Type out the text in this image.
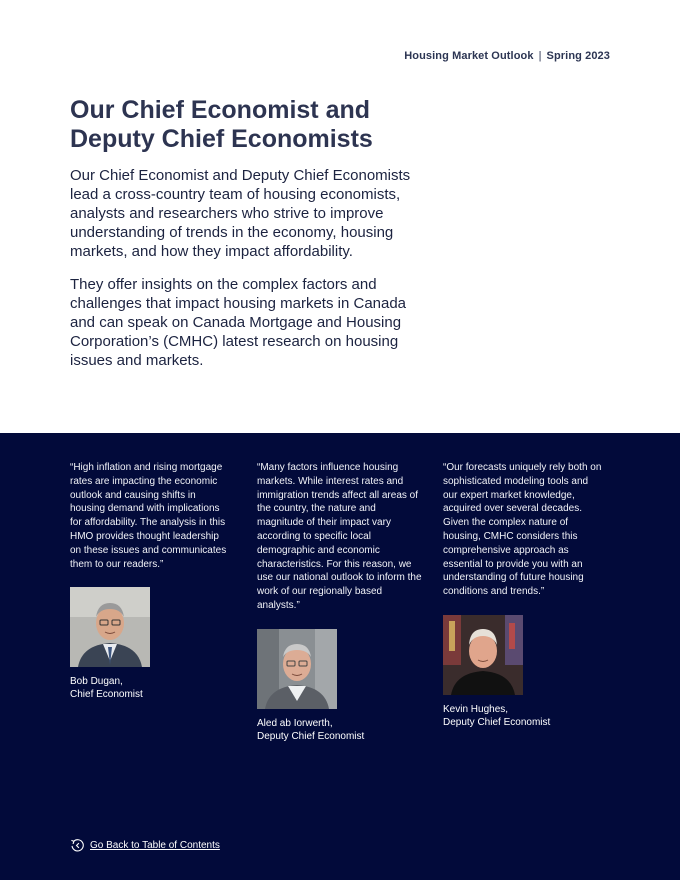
Housing Market Outlook | Spring 2023
Our Chief Economist and
Deputy Chief Economists

Our Chief Economist and Deputy Chief Economists lead a cross-country team of housing economists, analysts and researchers who strive to improve understanding of trends in the economy, housing markets, and how they impact affordability.

They offer insights on the complex factors and challenges that impact housing markets in Canada and can speak on Canada Mortgage and Housing Corporation’s (CMHC) latest research on housing issues and markets.

“High inflation and rising mortgage rates are impacting the economic outlook and causing shifts in housing demand with implications for affordability. The analysis in this HMO provides thought leadership on these issues and communicates them to our readers.”

Bob Dugan,
Chief Economist

“Many factors influence housing markets. While interest rates and immigration trends affect all areas of the country, the nature and magnitude of their impact vary according to specific local demographic and economic characteristics. For this reason, we use our national outlook to inform the work of our regionally based analysts.”

Aled ab Iorwerth,
Deputy Chief Economist

“Our forecasts uniquely rely both on sophisticated modeling tools and our expert market knowledge, acquired over several decades. Given the complex nature of housing, CMHC considers this comprehensive approach as essential to provide you with an understanding of future housing conditions and trends.”

Kevin Hughes,
Deputy Chief Economist

Go Back to Table of Contents
